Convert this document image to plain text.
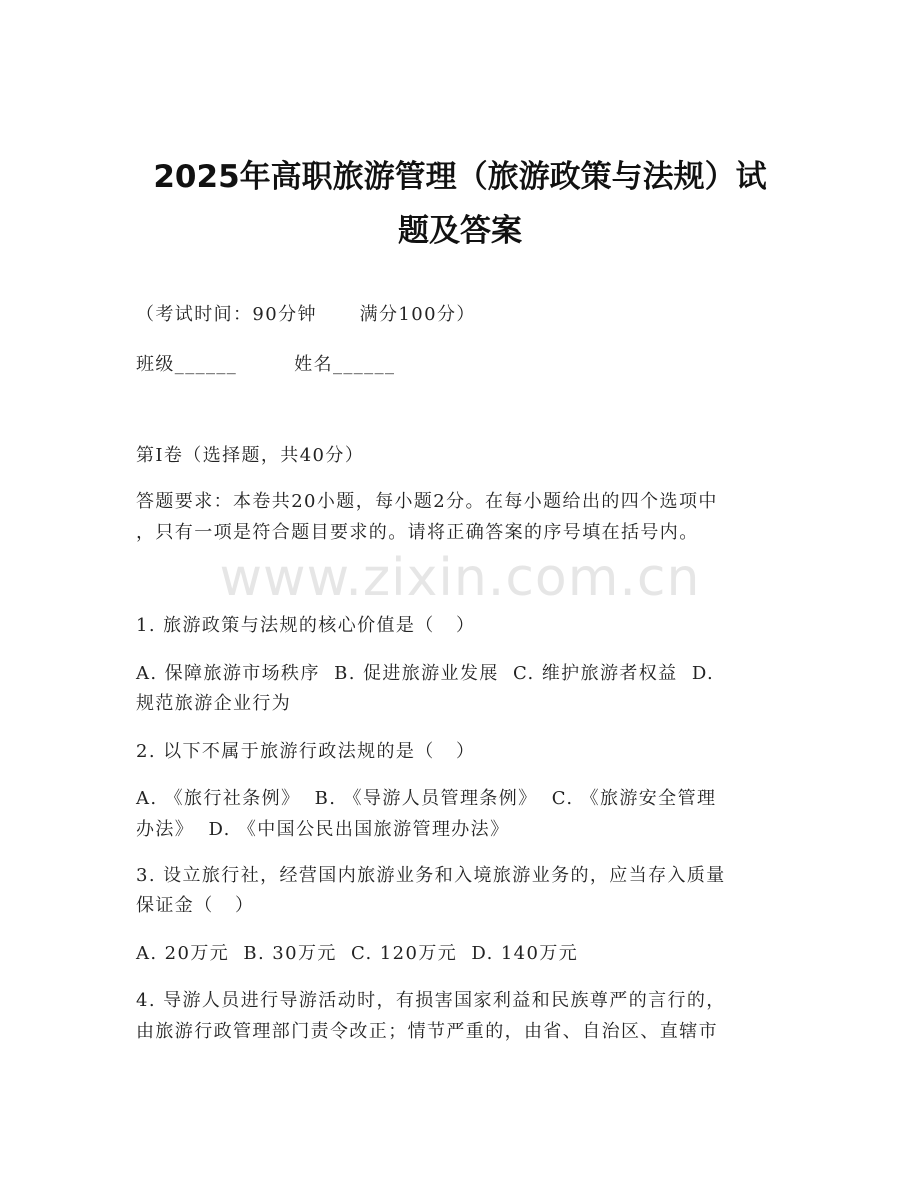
2025年高职旅游管理（旅游政策与法规）试
题及答案
（考试时间：90分钟      满分100分）
班级______        姓名______
第Ⅰ卷（选择题，共40分）
答题要求：本卷共20小题，每小题2分。在每小题给出的四个选项中
，只有一项是符合题目要求的。请将正确答案的序号填在括号内。
www.zixin.com.cn
1. 旅游政策与法规的核心价值是（   ）
A. 保障旅游市场秩序  B. 促进旅游业发展  C. 维护旅游者权益  D.
规范旅游企业行为
2. 以下不属于旅游行政法规的是（   ）
A. 《旅行社条例》  B. 《导游人员管理条例》  C. 《旅游安全管理
办法》  D. 《中国公民出国旅游管理办法》
3. 设立旅行社，经营国内旅游业务和入境旅游业务的，应当存入质量
保证金（   ）
A. 20万元  B. 30万元  C. 120万元  D. 140万元
4. 导游人员进行导游活动时，有损害国家利益和民族尊严的言行的，
由旅游行政管理部门责令改正；情节严重的，由省、自治区、直辖市
